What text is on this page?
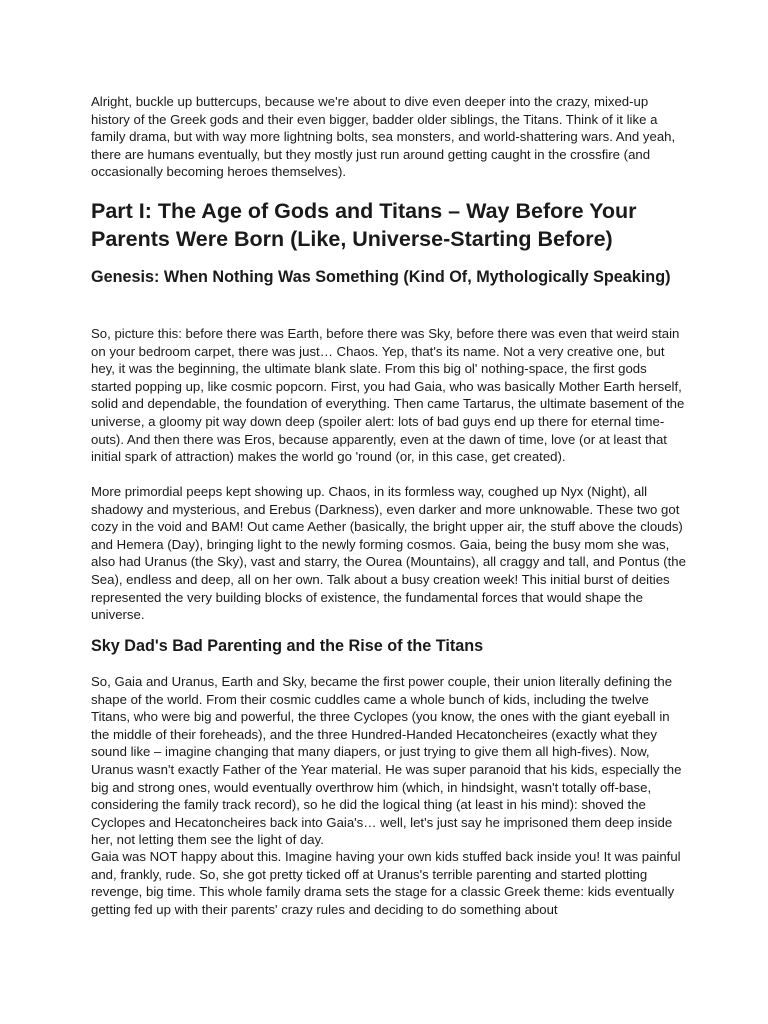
Alright, buckle up buttercups, because we're about to dive even deeper into the crazy, mixed-up history of the Greek gods and their even bigger, badder older siblings, the Titans. Think of it like a family drama, but with way more lightning bolts, sea monsters, and world-shattering wars. And yeah, there are humans eventually, but they mostly just run around getting caught in the crossfire (and occasionally becoming heroes themselves).

Part I: The Age of Gods and Titans – Way Before Your Parents Were Born (Like, Universe-Starting Before)
Genesis: When Nothing Was Something (Kind Of, Mythologically Speaking)

So, picture this: before there was Earth, before there was Sky, before there was even that weird stain on your bedroom carpet, there was just… Chaos. Yep, that's its name. Not a very creative one, but hey, it was the beginning, the ultimate blank slate. From this big ol' nothing-space, the first gods started popping up, like cosmic popcorn. First, you had Gaia, who was basically Mother Earth herself, solid and dependable, the foundation of everything. Then came Tartarus, the ultimate basement of the universe, a gloomy pit way down deep (spoiler alert: lots of bad guys end up there for eternal time-outs). And then there was Eros, because apparently, even at the dawn of time, love (or at least that initial spark of attraction) makes the world go 'round (or, in this case, get created).

More primordial peeps kept showing up. Chaos, in its formless way, coughed up Nyx (Night), all shadowy and mysterious, and Erebus (Darkness), even darker and more unknowable. These two got cozy in the void and BAM! Out came Aether (basically, the bright upper air, the stuff above the clouds) and Hemera (Day), bringing light to the newly forming cosmos. Gaia, being the busy mom she was, also had Uranus (the Sky), vast and starry, the Ourea (Mountains), all craggy and tall, and Pontus (the Sea), endless and deep, all on her own. Talk about a busy creation week! This initial burst of deities represented the very building blocks of existence, the fundamental forces that would shape the universe.

Sky Dad's Bad Parenting and the Rise of the Titans

So, Gaia and Uranus, Earth and Sky, became the first power couple, their union literally defining the shape of the world. From their cosmic cuddles came a whole bunch of kids, including the twelve Titans, who were big and powerful, the three Cyclopes (you know, the ones with the giant eyeball in the middle of their foreheads), and the three Hundred-Handed Hecatoncheires (exactly what they sound like – imagine changing that many diapers, or just trying to give them all high-fives). Now, Uranus wasn't exactly Father of the Year material. He was super paranoid that his kids, especially the big and strong ones, would eventually overthrow him (which, in hindsight, wasn't totally off-base, considering the family track record), so he did the logical thing (at least in his mind): shoved the Cyclopes and Hecatoncheires back into Gaia's… well, let's just say he imprisoned them deep inside her, not letting them see the light of day.

Gaia was NOT happy about this. Imagine having your own kids stuffed back inside you! It was painful and, frankly, rude. So, she got pretty ticked off at Uranus's terrible parenting and started plotting revenge, big time. This whole family drama sets the stage for a classic Greek theme: kids eventually getting fed up with their parents' crazy rules and deciding to do something about
